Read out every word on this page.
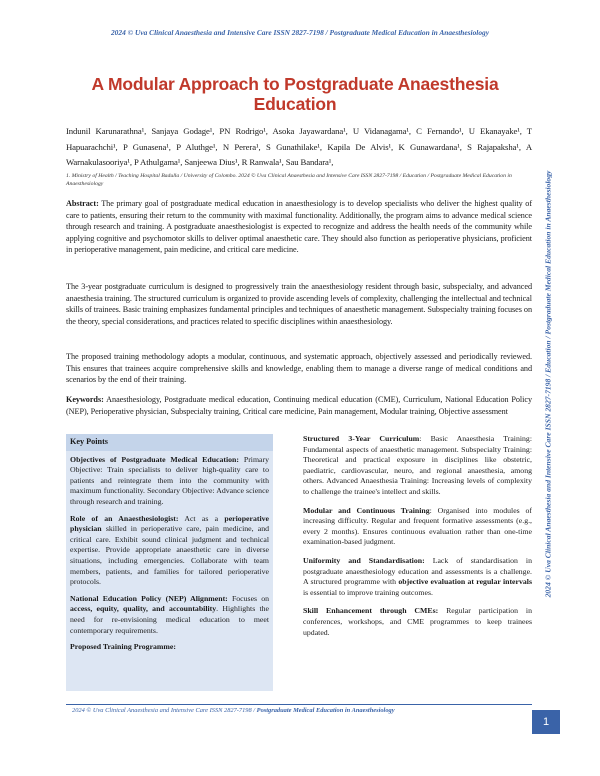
2024 © Uva Clinical Anaesthesia and Intensive Care ISSN 2827-7198 / Postgraduate Medical Education in Anaesthesiology
A Modular Approach to Postgraduate Anaesthesia Education
Indunil Karunarathna¹, Sanjaya Godage¹, PN Rodrigo¹, Asoka Jayawardana¹, U Vidanagama¹, C Fernando¹, U Ekanayake¹, T Hapuarachchi¹, P Gunasena¹, P Aluthge¹, N Perera¹, S Gunathilake¹, Kapila De Alvis¹, K Gunawardana¹, S Rajapaksha¹, A Warnakulasooriya¹, P Athulgama¹, Sanjeewa Dius¹, R Ranwala¹, Sau Bandara¹,
1. Ministry of Health / Teaching Hospital Badulla / University of Colombo. 2024 © Uva Clinical Anaesthesia and Intensive Care ISSN 2827-7198 / Education / Postgraduate Medical Education in Anaesthesiology
Abstract: The primary goal of postgraduate medical education in anaesthesiology is to develop specialists who deliver the highest quality of care to patients, ensuring their return to the community with maximal functionality. Additionally, the program aims to advance medical science through research and training. A postgraduate anaesthesiologist is expected to recognize and address the health needs of the community while applying cognitive and psychomotor skills to deliver optimal anaesthetic care. They should also function as perioperative physicians, proficient in perioperative management, pain medicine, and critical care medicine.
The 3-year postgraduate curriculum is designed to progressively train the anaesthesiology resident through basic, subspecialty, and advanced anaesthesia training. The structured curriculum is organized to provide ascending levels of complexity, challenging the intellectual and technical skills of trainees. Basic training emphasizes fundamental principles and techniques of anaesthetic management. Subspecialty training focuses on the theory, special considerations, and practices related to specific disciplines within anaesthesiology.
The proposed training methodology adopts a modular, continuous, and systematic approach, objectively assessed and periodically reviewed. This ensures that trainees acquire comprehensive skills and knowledge, enabling them to manage a diverse range of medical conditions and scenarios by the end of their training.
Keywords: Anaesthesiology, Postgraduate medical education, Continuing medical education (CME), Curriculum, National Education Policy (NEP), Perioperative physician, Subspecialty training, Critical care medicine, Pain management, Modular training, Objective assessment
Key Points
Objectives of Postgraduate Medical Education: Primary Objective: Train specialists to deliver high-quality care to patients and reintegrate them into the community with maximum functionality. Secondary Objective: Advance science through research and training.
Role of an Anaesthesiologist: Act as a perioperative physician skilled in perioperative care, pain medicine, and critical care. Exhibit sound clinical judgment and technical expertise. Provide appropriate anaesthetic care in diverse situations, including emergencies. Collaborate with team members, patients, and families for tailored perioperative protocols.
National Education Policy (NEP) Alignment: Focuses on access, equity, quality, and accountability. Highlights the need for re-envisioning medical education to meet contemporary requirements.
Proposed Training Programme:
Structured 3-Year Curriculum: Basic Anaesthesia Training: Fundamental aspects of anaesthetic management. Subspecialty Training: Theoretical and practical exposure in disciplines like obstetric, paediatric, cardiovascular, neuro, and regional anaesthesia, among others. Advanced Anaesthesia Training: Increasing levels of complexity to challenge the trainee's intellect and skills.
Modular and Continuous Training: Organised into modules of increasing difficulty. Regular and frequent formative assessments (e.g., every 2 months). Ensures continuous evaluation rather than one-time examination-based judgment.
Uniformity and Standardisation: Lack of standardisation in postgraduate anaesthesiology education and assessments is a challenge. A structured programme with objective evaluation at regular intervals is essential to improve training outcomes.
Skill Enhancement through CMEs: Regular participation in conferences, workshops, and CME programmes to keep trainees updated.
2024 © Uva Clinical Anaesthesia and Intensive Care ISSN 2827-7198 / Education / Postgraduate Medical Education in Anaesthesiology
2024 © Uva Clinical Anaesthesia and Intensive Care ISSN 2827-7198 / Postgraduate Medical Education in Anaesthesiology
1
